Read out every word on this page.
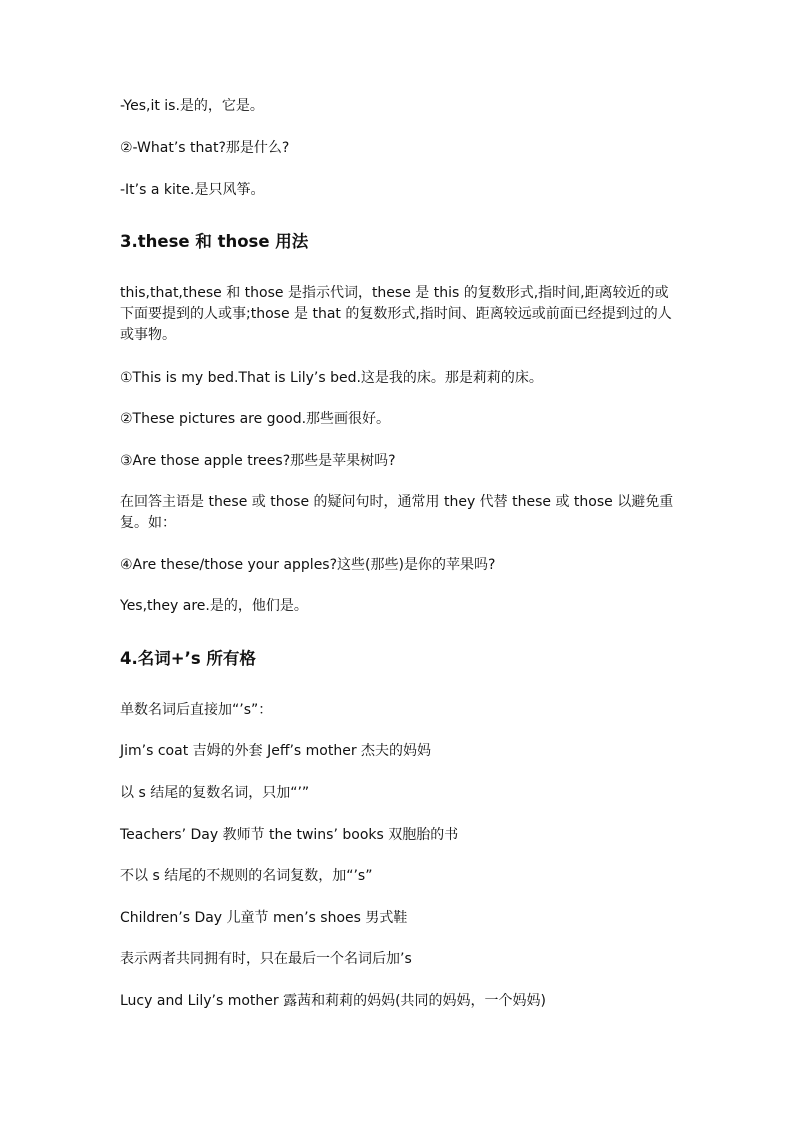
-Yes,it is.是的，它是。
②-What’s that?那是什么?
-It’s a kite.是只风筝。
3.these 和 those 用法
this,that,these 和 those 是指示代词，these 是 this 的复数形式,指时间,距离较近的或下面要提到的人或事;those 是 that 的复数形式,指时间、距离较远或前面已经提到过的人或事物。
①This is my bed.That is Lily’s bed.这是我的床。那是莉莉的床。
②These pictures are good.那些画很好。
③Are those apple trees?那些是苹果树吗?
在回答主语是 these 或 those 的疑问句时，通常用 they 代替 these 或 those 以避免重复。如：
④Are these/those your apples?这些(那些)是你的苹果吗?
Yes,they are.是的，他们是。
4.名词+’s 所有格
单数名词后直接加“’s”：
Jim’s coat 吉姆的外套 Jeff’s mother 杰夫的妈妈
以 s 结尾的复数名词，只加“’”
Teachers’ Day 教师节 the twins’ books 双胞胎的书
不以 s 结尾的不规则的名词复数，加“’s”
Children’s Day 儿童节 men’s shoes 男式鞋
表示两者共同拥有时，只在最后一个名词后加’s
Lucy and Lily’s mother 露茜和莉莉的妈妈(共同的妈妈，一个妈妈)
